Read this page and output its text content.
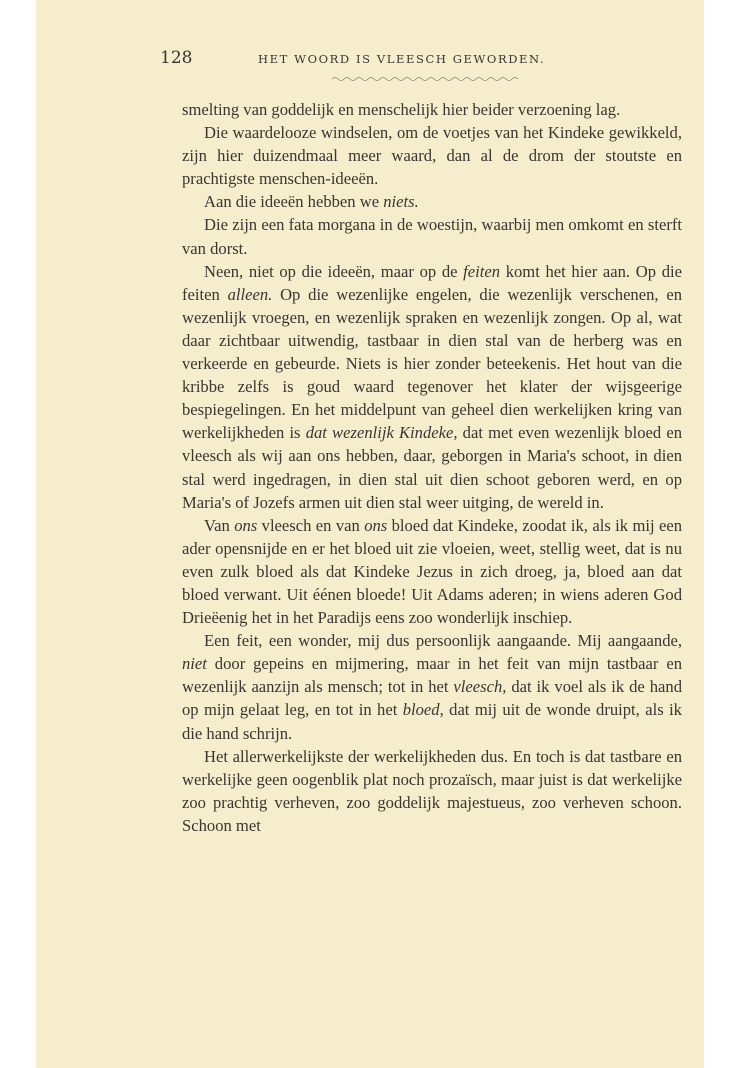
128	HET WOORD IS VLEESCH GEWORDEN.

smelting van goddelijk en menschelijk hier beider verzoening lag.

Die waardelooze windselen, om de voetjes van het Kindeke gewikkeld, zijn hier duizendmaal meer waard, dan al de drom der stoutste en prachtigste menschen-ideeën.

Aan die ideeën hebben we niets.

Die zijn een fata morgana in de woestijn, waarbij men omkomt en sterft van dorst.

Neen, niet op die ideeën, maar op de feiten komt het hier aan. Op die feiten alleen. Op die wezenlijke engelen, die wezenlijk verschenen, en wezenlijk vroegen, en wezenlijk spraken en wezenlijk zongen. Op al, wat daar zichtbaar uitwendig, tastbaar in dien stal van de herberg was en verkeerde en gebeurde. Niets is hier zonder beteekenis. Het hout van die kribbe zelfs is goud waard tegenover het klater der wijsgeerige bespiegelingen. En het middelpunt van geheel dien werkelijken kring van werkelijkheden is dat wezenlijk Kindeke, dat met even wezenlijk bloed en vleesch als wij aan ons hebben, daar, geborgen in Maria's schoot, in dien stal werd ingedragen, in dien stal uit dien schoot geboren werd, en op Maria's of Jozefs armen uit dien stal weer uitging, de wereld in.

Van ons vleesch en van ons bloed dat Kindeke, zoodat ik, als ik mij een ader opensnijde en er het bloed uit zie vloeien, weet, stellig weet, dat is nu even zulk bloed als dat Kindeke Jezus in zich droeg, ja, bloed aan dat bloed verwant. Uit éénen bloede! Uit Adams aderen; in wiens aderen God Drieëenig het in het Paradijs eens zoo wonderlijk inschiep.

Een feit, een wonder, mij dus persoonlijk aangaande. Mij aangaande, niet door gepeins en mijmering, maar in het feit van mijn tastbaar en wezenlijk aanzijn als mensch; tot in het vleesch, dat ik voel als ik de hand op mijn gelaat leg, en tot in het bloed, dat mij uit de wonde druipt, als ik die hand schrijn.

Het allerwerkelijkste der werkelijkheden dus. En toch is dat tastbare en werkelijke geen oogenblik plat noch prozaïsch, maar juist is dat werkelijke zoo prachtig verheven, zoo goddelijk majestueus, zoo verheven schoon. Schoon met
